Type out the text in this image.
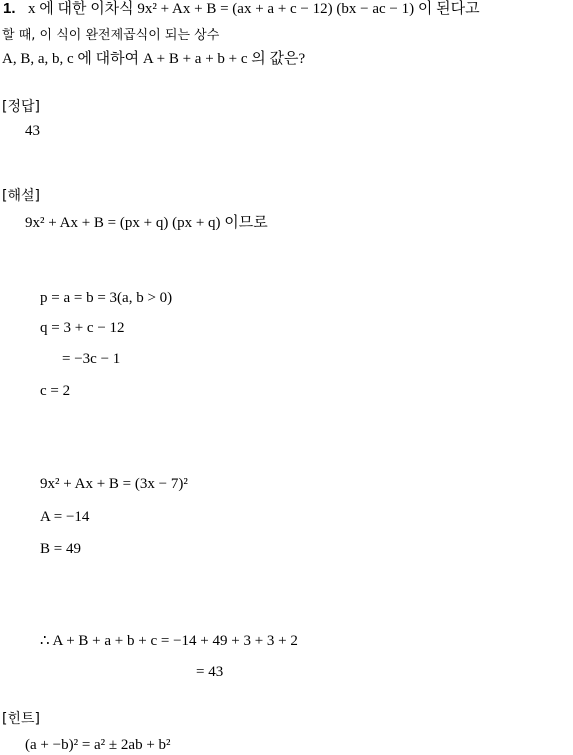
1. x 에 대한 이차식 9x² + Ax + B = (ax + a + c − 12) (bx − ac − 1) 이 된다고
할 때, 이 식이 완전제곱식이 되는 상수
A, B, a, b, c 에 대하여 A + B + a + b + c 의 값은?
[정답]
43
[해설]
9x² + Ax + B = (px + q) (px + q) 이므로
p = a = b = 3(a, b > 0)
q = 3 + c − 12
= −3c − 1
c = 2
9x² + Ax + B = (3x − 7)²
A = −14
B = 49
∴ A + B + a + b + c = −14 + 49 + 3 + 3 + 2
= 43
[힌트]
(a + −b)² = a² ± 2ab + b²
